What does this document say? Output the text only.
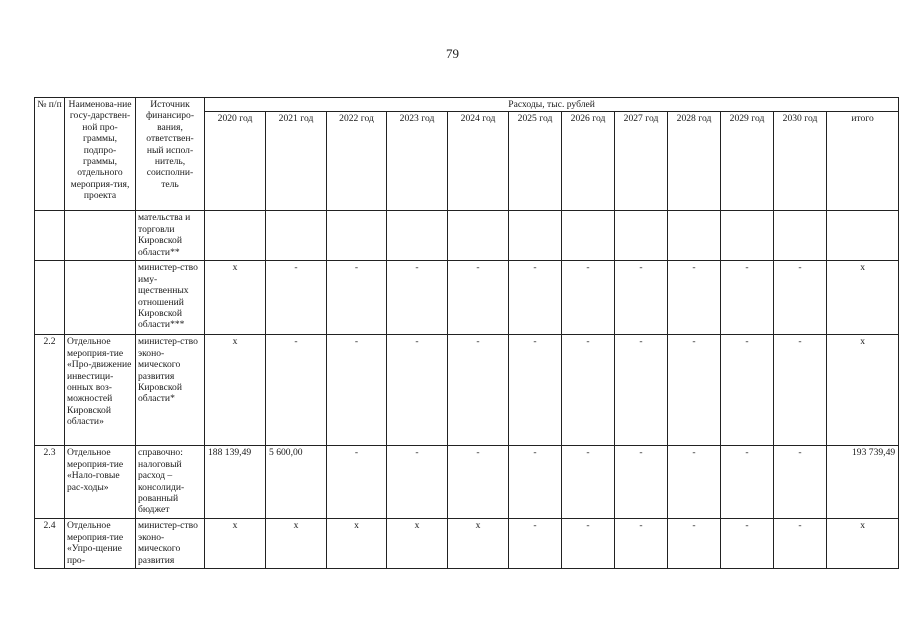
79
№ п/п	Наименова-ние госу-дарствен-ной про-граммы, подпро-граммы, отдельного мероприя-тия, проекта	Источник финансиро-вания, ответствен-ный испол-нитель, соисполни-тель	Расходы, тыс. рублей											
			2020 год	2021 год	2022 год	2023 год	2024 год	2025 год	2026 год	2027 год	2028 год	2029 год	2030 год	итого
		мательства и торговли Кировской области**												
		министер-ство иму-щественных отношений Кировской области***	x	-	-	-	-	-	-	-	-	-	-	x
2.2	Отдельное мероприя-тие «Про-движение инвестици-онных воз-можностей Кировской области»	министер-ство эконо-мического развития Кировской области*	x	-	-	-	-	-	-	-	-	-	-	x
2.3	Отдельное мероприя-тие «Нало-говые рас-ходы»	справочно: налоговый расход – консолиди-рованный бюджет	188 139,49	5 600,00	-	-	-	-	-	-	-	-	-	193 739,49
2.4	Отдельное мероприя-тие «Упро-щение про-	министер-ство эконо-мического развития	x	x	x	x	x	-	-	-	-	-	-	x
